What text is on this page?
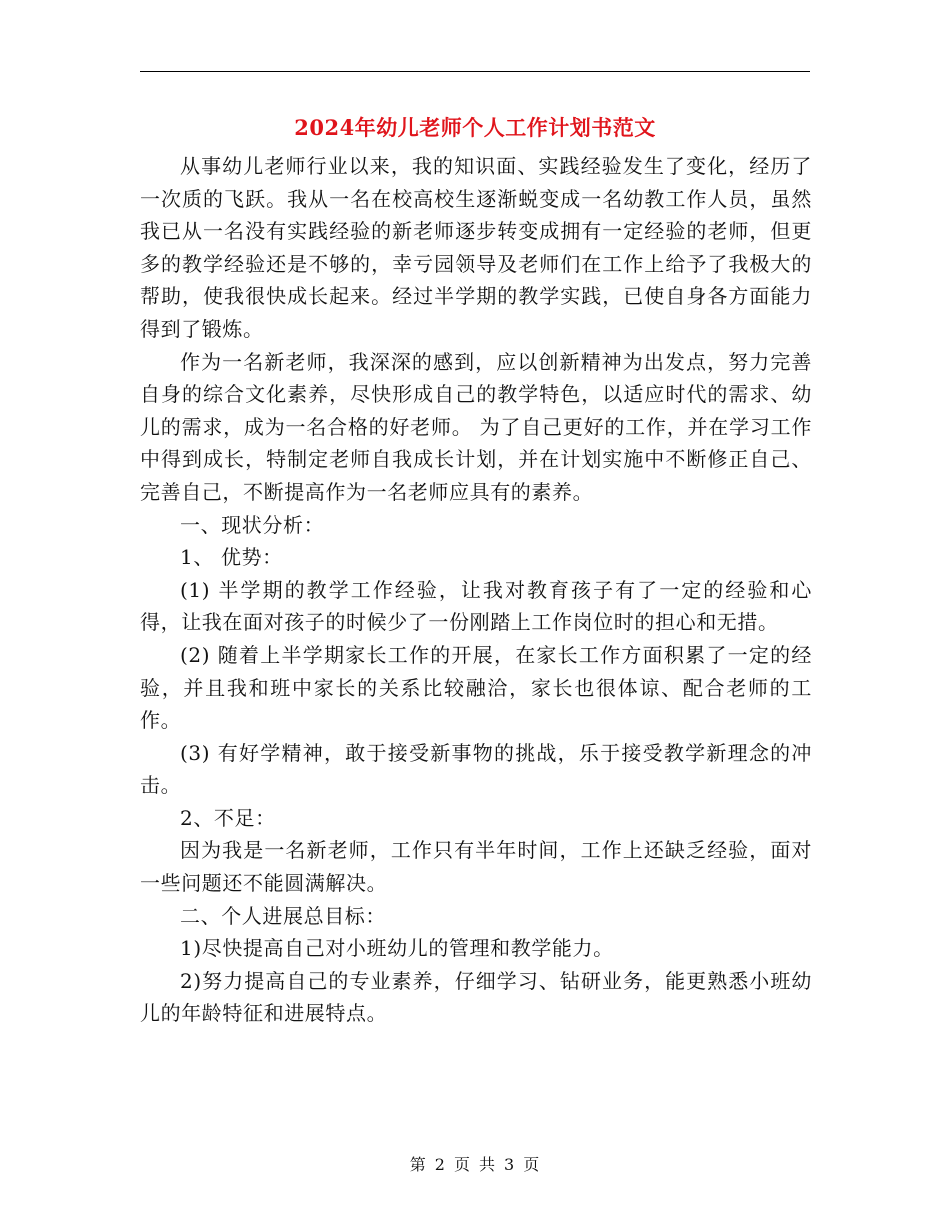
2024年幼儿老师个人工作计划书范文

从事幼儿老师行业以来，我的知识面、实践经验发生了变化，经历了一次质的飞跃。我从一名在校高校生逐渐蜕变成一名幼教工作人员，虽然我已从一名没有实践经验的新老师逐步转变成拥有一定经验的老师，但更多的教学经验还是不够的，幸亏园领导及老师们在工作上给予了我极大的帮助，使我很快成长起来。经过半学期的教学实践，已使自身各方面能力得到了锻炼。

作为一名新老师，我深深的感到，应以创新精神为出发点，努力完善自身的综合文化素养，尽快形成自己的教学特色，以适应时代的需求、幼儿的需求，成为一名合格的好老师。 为了自己更好的工作，并在学习工作中得到成长，特制定老师自我成长计划，并在计划实施中不断修正自己、完善自己，不断提高作为一名老师应具有的素养。

一、现状分析：

1、 优势：

(1) 半学期的教学工作经验，让我对教育孩子有了一定的经验和心得，让我在面对孩子的时候少了一份刚踏上工作岗位时的担心和无措。

(2) 随着上半学期家长工作的开展，在家长工作方面积累了一定的经验，并且我和班中家长的关系比较融洽，家长也很体谅、配合老师的工作。

(3) 有好学精神，敢于接受新事物的挑战，乐于接受教学新理念的冲击。

2、不足：

因为我是一名新老师，工作只有半年时间，工作上还缺乏经验，面对一些问题还不能圆满解决。

二、个人进展总目标：

1)尽快提高自己对小班幼儿的管理和教学能力。

2)努力提高自己的专业素养，仔细学习、钻研业务，能更熟悉小班幼儿的年龄特征和进展特点。

第 2 页 共 3 页
